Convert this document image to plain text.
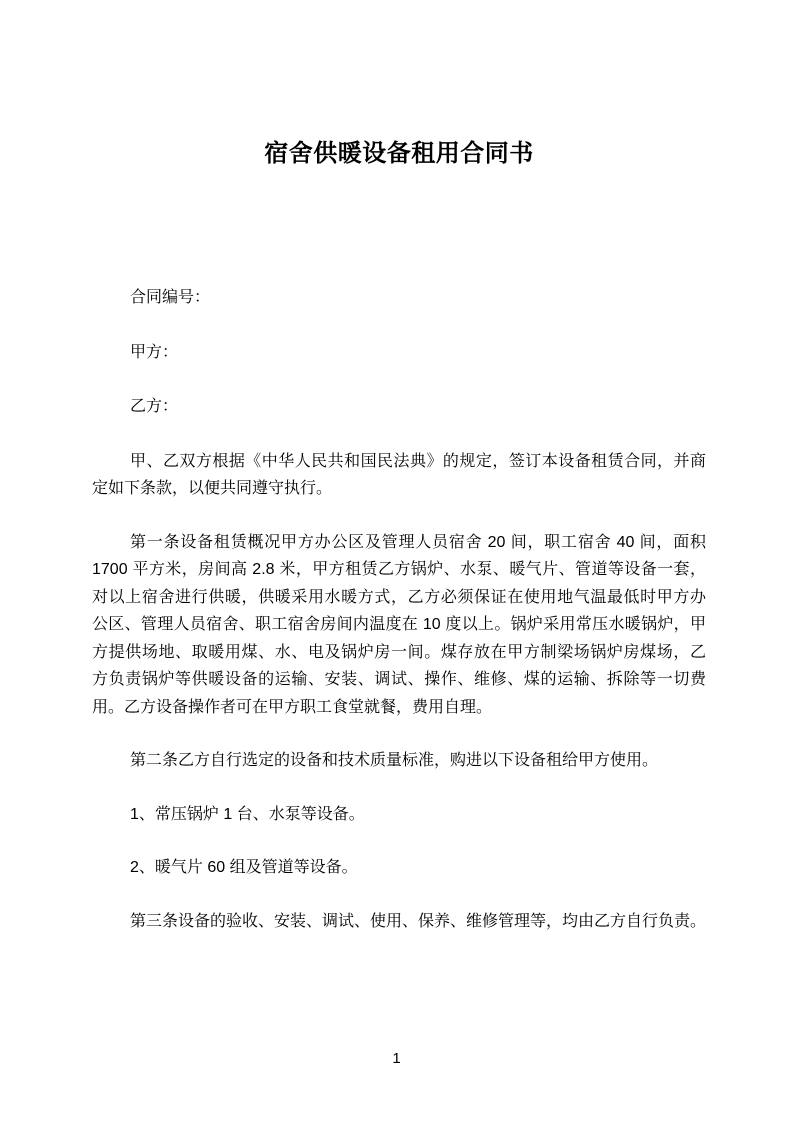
宿舍供暖设备租用合同书
合同编号：
甲方：
乙方：
甲、乙双方根据《中华人民共和国民法典》的规定，签订本设备租赁合同，并商
定如下条款，以便共同遵守执行。
第一条设备租赁概况甲方办公区及管理人员宿舍 20 间，职工宿舍 40 间，面积
1700 平方米，房间高 2.8 米，甲方租赁乙方锅炉、水泵、暖气片、管道等设备一套，
对以上宿舍进行供暖，供暖采用水暖方式，乙方必须保证在使用地气温最低时甲方办
公区、管理人员宿舍、职工宿舍房间内温度在 10 度以上。锅炉采用常压水暖锅炉，甲
方提供场地、取暖用煤、水、电及锅炉房一间。煤存放在甲方制梁场锅炉房煤场，乙
方负责锅炉等供暖设备的运输、安装、调试、操作、维修、煤的运输、拆除等一切费
用。乙方设备操作者可在甲方职工食堂就餐，费用自理。
第二条乙方自行选定的设备和技术质量标准，购进以下设备租给甲方使用。
1、常压锅炉 1 台、水泵等设备。
2、暖气片 60 组及管道等设备。
第三条设备的验收、安装、调试、使用、保养、维修管理等，均由乙方自行负责。
1
